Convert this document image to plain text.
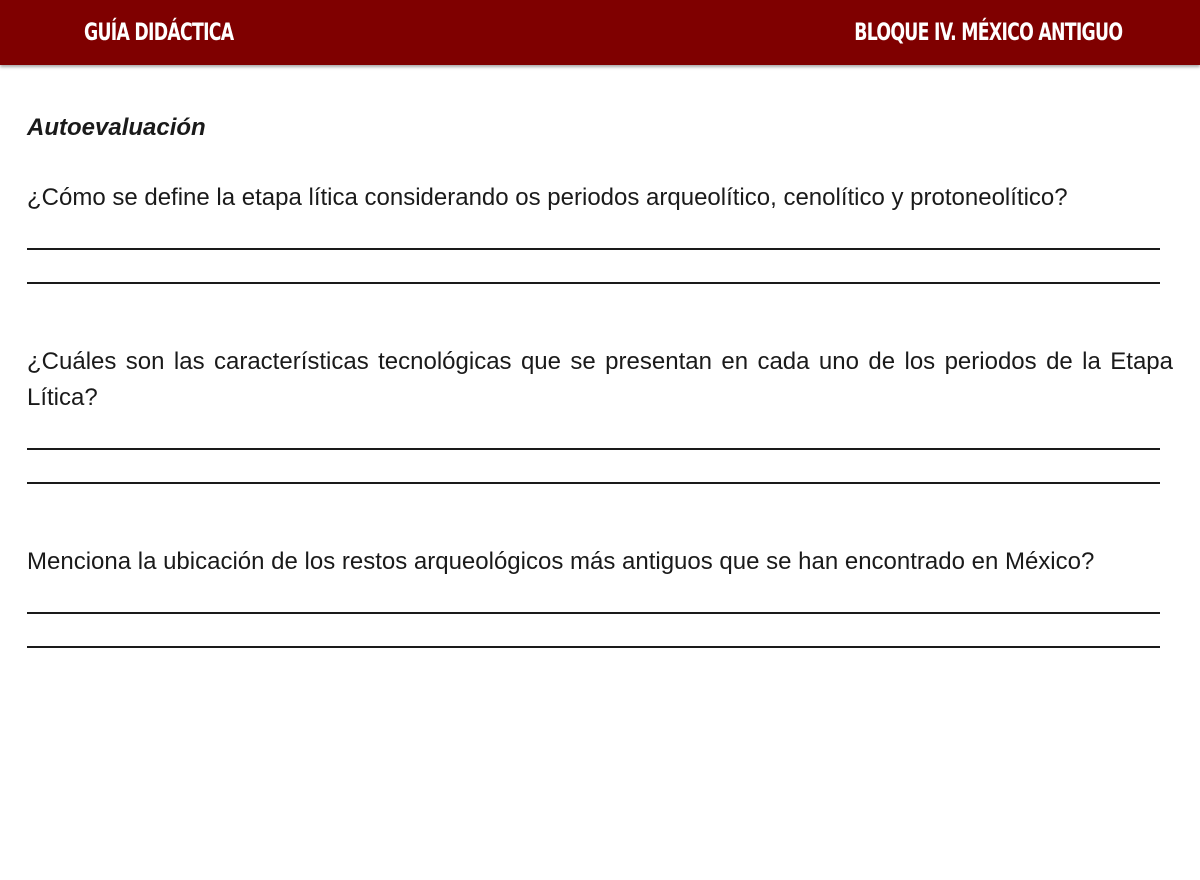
GUÍA DIDÁCTICA	BLOQUE IV. MÉXICO ANTIGUO

Autoevaluación

¿Cómo se define la etapa lítica considerando os periodos arqueolítico, cenolítico y protoneolítico?

¿Cuáles son las características tecnológicas que se presentan en cada uno de los periodos de la Etapa Lítica?

Menciona la ubicación de los restos arqueológicos más antiguos que se han encontrado en México?
